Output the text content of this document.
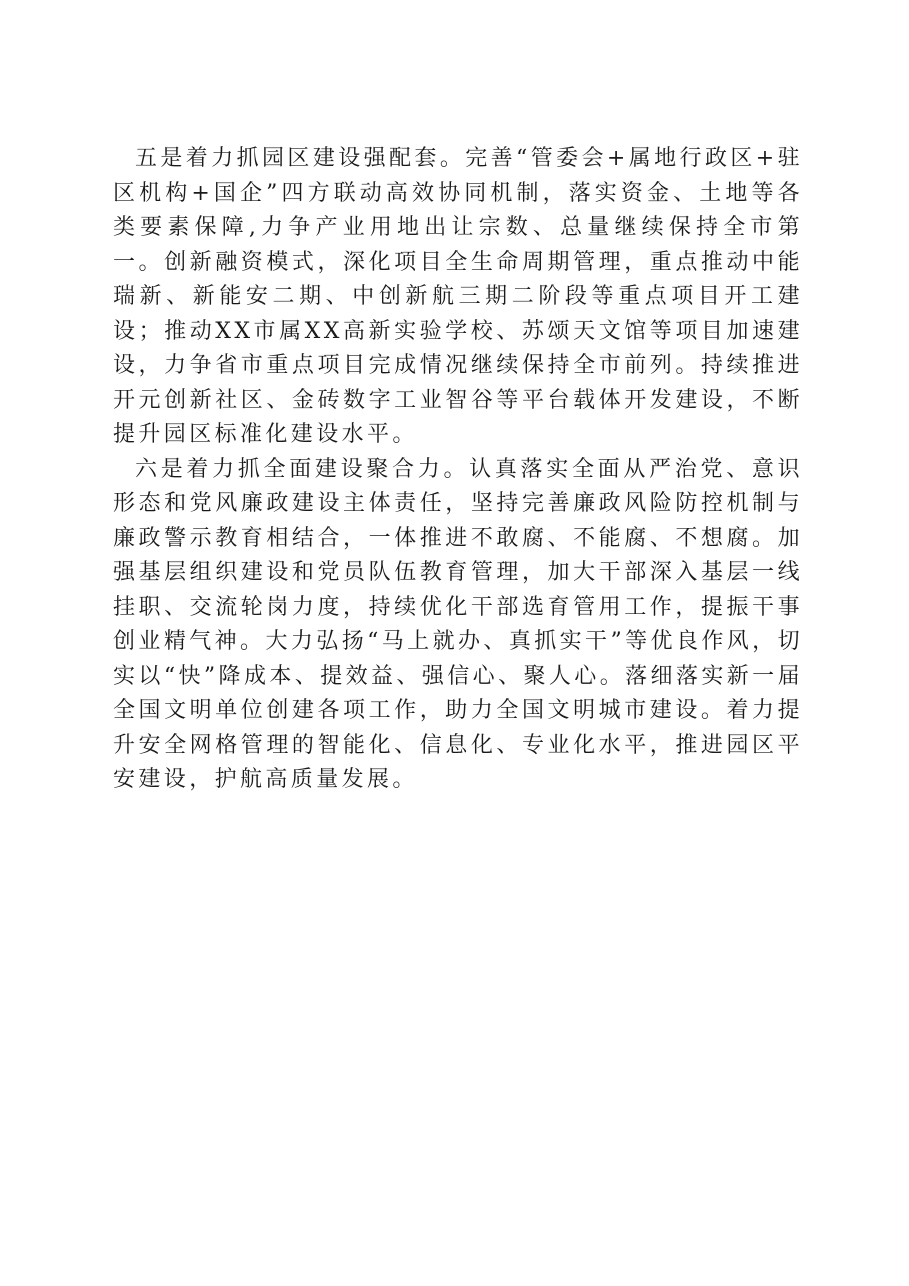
五是着力抓园区建设强配套。完善“管委会+属地行政区+驻区机构+国企”四方联动高效协同机制，落实资金、土地等各类要素保障,力争产业用地出让宗数、总量继续保持全市第一。创新融资模式，深化项目全生命周期管理，重点推动中能瑞新、新能安二期、中创新航三期二阶段等重点项目开工建设；推动XX市属XX高新实验学校、苏颂天文馆等项目加速建设，力争省市重点项目完成情况继续保持全市前列。持续推进开元创新社区、金砖数字工业智谷等平台载体开发建设，不断提升园区标准化建设水平。

六是着力抓全面建设聚合力。认真落实全面从严治党、意识形态和党风廉政建设主体责任，坚持完善廉政风险防控机制与廉政警示教育相结合，一体推进不敢腐、不能腐、不想腐。加强基层组织建设和党员队伍教育管理，加大干部深入基层一线挂职、交流轮岗力度，持续优化干部选育管用工作，提振干事创业精气神。大力弘扬“马上就办、真抓实干”等优良作风，切实以“快”降成本、提效益、强信心、聚人心。落细落实新一届全国文明单位创建各项工作，助力全国文明城市建设。着力提升安全网格管理的智能化、信息化、专业化水平，推进园区平安建设，护航高质量发展。
